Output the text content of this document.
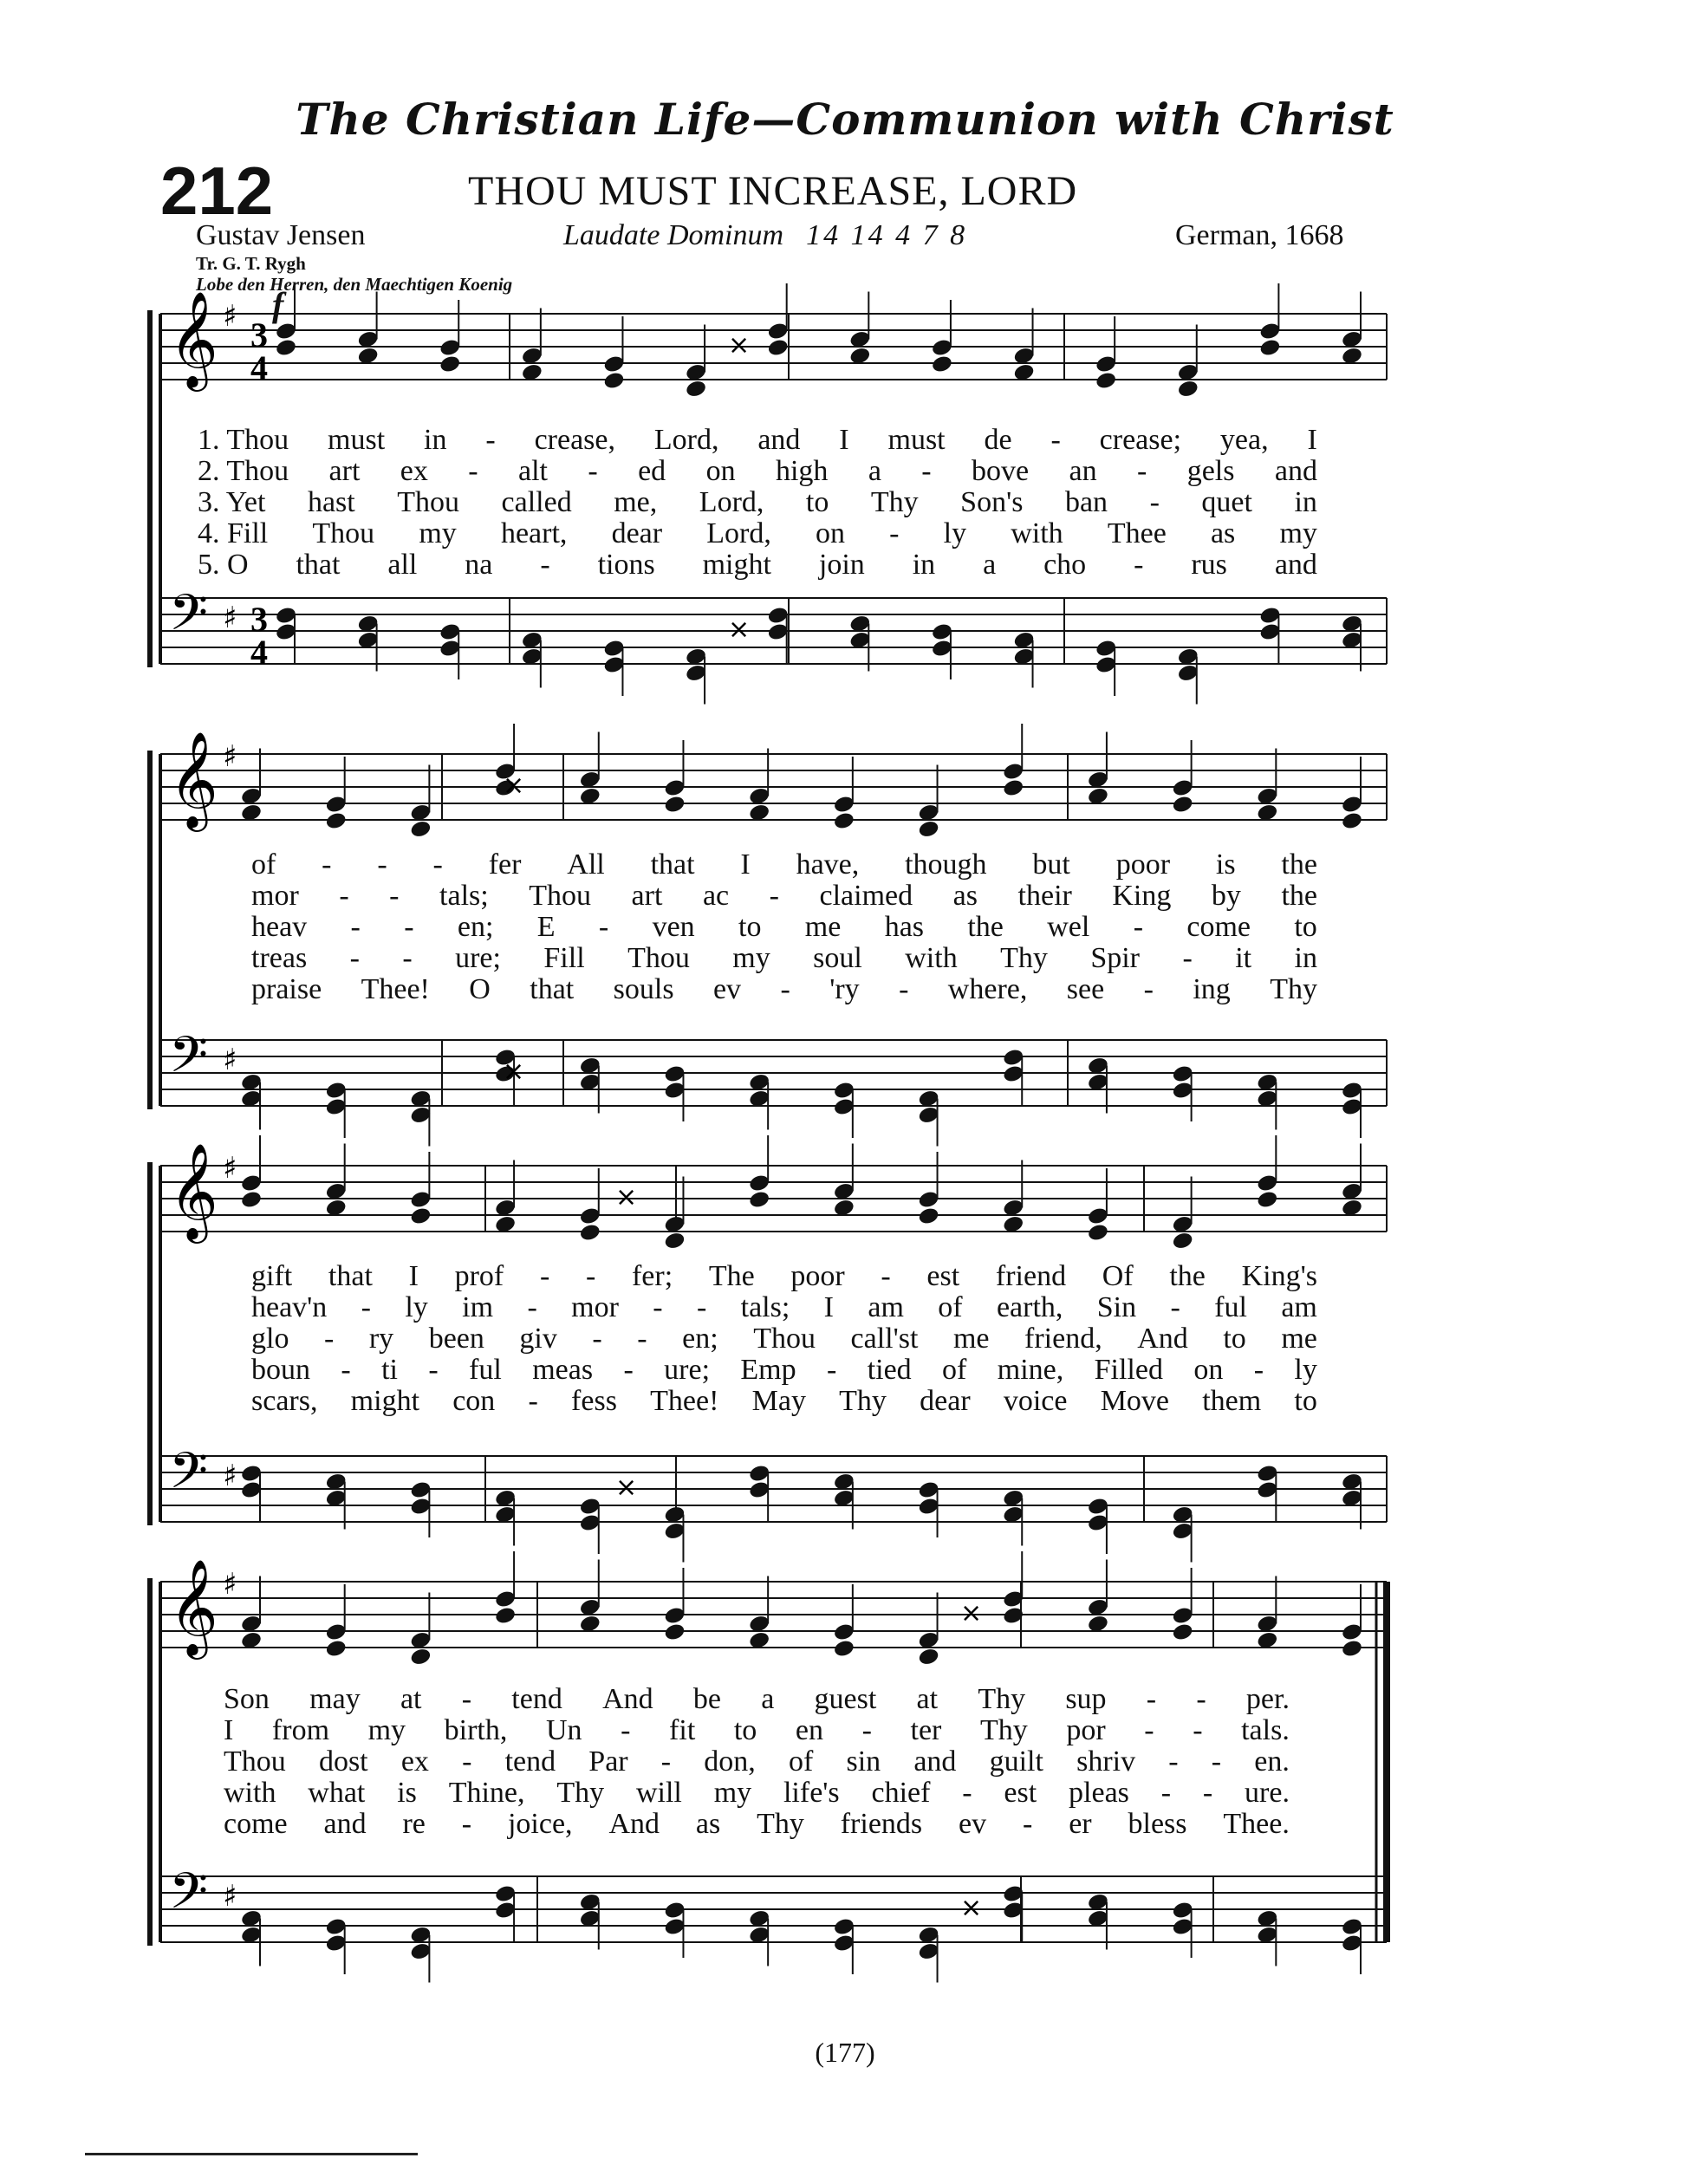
The Christian Life—Communion with Christ
212	THOU MUST INCREASE, LORD
Gustav Jensen	Laudate Dominum 14 14 4 7 8	German, 1668
Tr. G. T. Rygh
Lobe den Herren, den Maechtigen Koenig
f
𝄞 ♯
𝄢 ♯
3
4
3
4
×
×
𝄞 ♯
𝄢 ♯
×
×
𝄞 ♯
𝄢 ♯
×
×
𝄞 ♯
𝄢 ♯
×
×
1. Thou must in - crease, Lord, and I must de - crease; yea, I
2. Thou art ex - alt - ed on high a - bove an - gels and
3. Yet hast Thou called me, Lord, to Thy Son's ban - quet in
4. Fill Thou my heart, dear Lord, on - ly with Thee as my
5. O that all na - tions might join in a cho - rus and
of - - - fer All that I have, though but poor is the
mor - - tals; Thou art ac - claimed as their King by the
heav - - en; E - ven to me has the wel - come to
treas - - ure; Fill Thou my soul with Thy Spir - it in
praise Thee! O that souls ev - 'ry - where, see - ing Thy
gift that I prof - - fer; The poor - est friend Of the King's
heav'n - ly im - mor - - tals; I am of earth, Sin - ful am
glo - ry been giv - - en; Thou call'st me friend, And to me
boun - ti - ful meas - ure; Emp - tied of mine, Filled on - ly
scars, might con - fess Thee! May Thy dear voice Move them to
Son may at - tend And be a guest at Thy sup - - per.
I from my birth, Un - fit to en - ter Thy por - - tals.
Thou dost ex - tend Par - don, of sin and guilt shriv - - en.
with what is Thine, Thy will my life's chief - est pleas - - ure.
come and re - joice, And as Thy friends ev - er bless Thee.
(177)
